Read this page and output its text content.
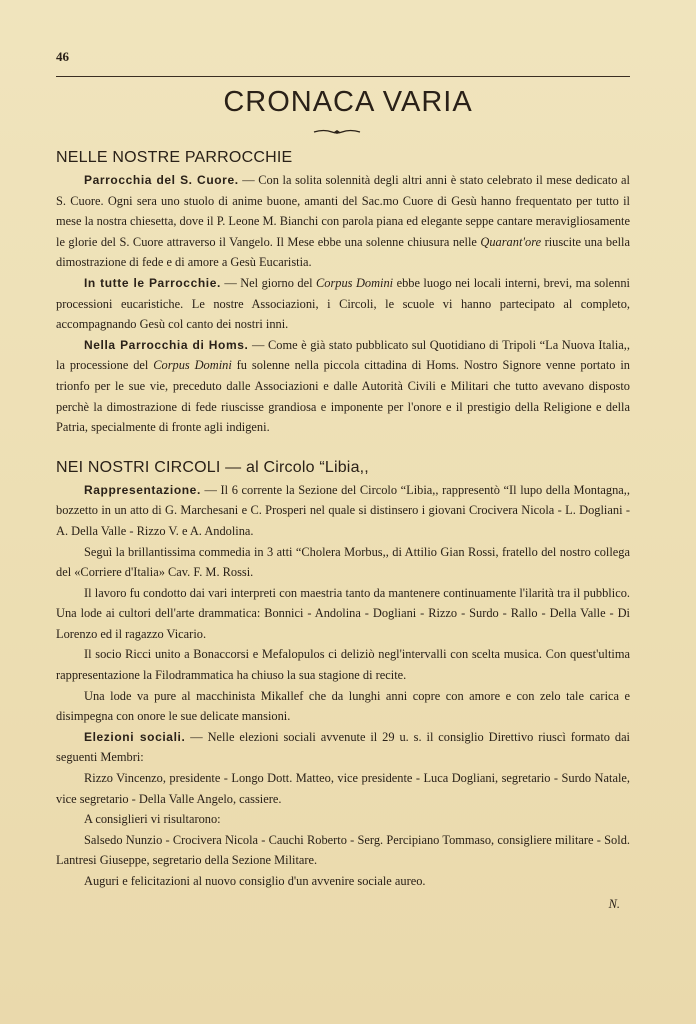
46
CRONACA VARIA
NELLE NOSTRE PARROCCHIE

Parrocchia del S. Cuore. — Con la solita solennità degli altri anni è stato celebrato il mese dedicato al S. Cuore. Ogni sera uno stuolo di anime buone, amanti del Sac.mo Cuore di Gesù hanno frequentato per tutto il mese la nostra chiesetta, dove il P. Leone M. Bianchi con parola piana ed elegante seppe cantare meravigliosamente le glorie del S. Cuore attraverso il Vangelo. Il Mese ebbe una solenne chiusura nelle Quarant'ore riuscite una bella dimostrazione di fede e di amore a Gesù Eucaristia.

In tutte le Parrocchie. — Nel giorno del Corpus Domini ebbe luogo nei locali interni, brevi, ma solenni processioni eucaristiche. Le nostre Associazioni, i Circoli, le scuole vi hanno partecipato al completo, accompagnando Gesù col canto dei nostri inni.

Nella Parrocchia di Homs. — Come è già stato pubblicato sul Quotidiano di Tripoli “La Nuova Italia,, la processione del Corpus Domini fu solenne nella piccola cittadina di Homs. Nostro Signore venne portato in trionfo per le sue vie, preceduto dalle Associazioni e dalle Autorità Civili e Militari che tutto avevano disposto perchè la dimostrazione di fede riuscisse grandiosa e imponente per l'onore e il prestigio della Religione e della Patria, specialmente di fronte agli indigeni.

NEI NOSTRI CIRCOLI — al Circolo “Libia,,

Rappresentazione. — Il 6 corrente la Sezione del Circolo “Libia,, rappresentò “Il lupo della Montagna,, bozzetto in un atto di G. Marchesani e C. Prosperi nel quale si distinsero i giovani Crocivera Nicola - L. Dogliani - A. Della Valle - Rizzo V. e A. Andolina.

Seguì la brillantissima commedia in 3 atti “Cholera Morbus,, di Attilio Gian Rossi, fratello del nostro collega del «Corriere d'Italia» Cav. F. M. Rossi.

Il lavoro fu condotto dai vari interpreti con maestria tanto da mantenere continuamente l'ilarità tra il pubblico. Una lode ai cultori dell'arte drammatica: Bonnici - Andolina - Dogliani - Rizzo - Surdo - Rallo - Della Valle - Di Lorenzo ed il ragazzo Vicario.

Il socio Ricci unito a Bonaccorsi e Mefalopulos ci deliziò negl'intervalli con scelta musica. Con quest'ultima rappresentazione la Filodrammatica ha chiuso la sua stagione di recite.

Una lode va pure al macchinista Mikallef che da lunghi anni copre con amore e con zelo tale carica e disimpegna con onore le sue delicate mansioni.

Elezioni sociali. — Nelle elezioni sociali avvenute il 29 u. s. il consiglio Direttivo riuscì formato dai seguenti Membri:

Rizzo Vincenzo, presidente - Longo Dott. Matteo, vice presidente - Luca Dogliani, segretario - Surdo Natale, vice segretario - Della Valle Angelo, cassiere.

A consiglieri vi risultarono:

Salsedo Nunzio - Crocivera Nicola - Cauchi Roberto - Serg. Percipiano Tommaso, consigliere militare - Sold. Lantresi Giuseppe, segretario della Sezione Militare.

Auguri e felicitazioni al nuovo consiglio d'un avvenire sociale aureo.

N.
